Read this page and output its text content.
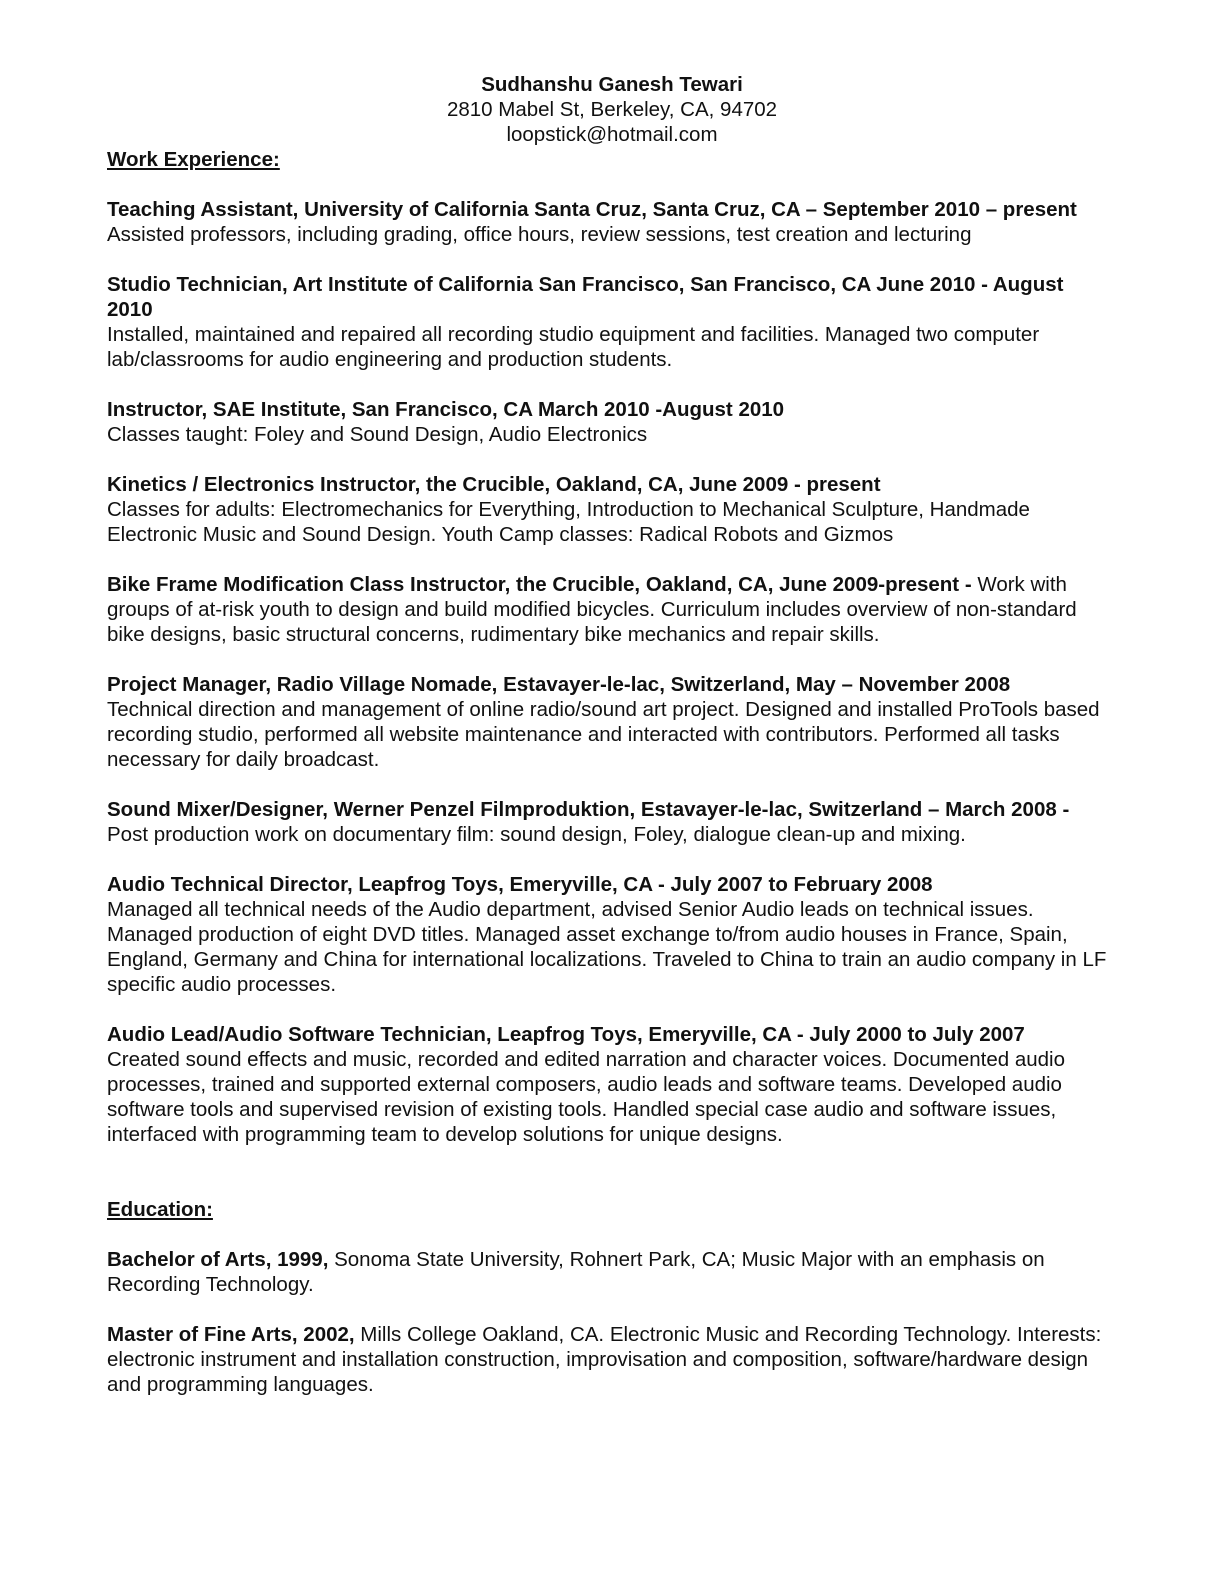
Sudhanshu Ganesh Tewari
2810 Mabel St, Berkeley, CA, 94702
loopstick@hotmail.com

Work Experience:

Teaching Assistant, University of California Santa Cruz, Santa Cruz, CA – September 2010 – present

Assisted professors, including grading, office hours, review sessions, test creation and lecturing

Studio Technician, Art Institute of California San Francisco, San Francisco, CA June 2010 - August 2010

Installed, maintained and repaired all recording studio equipment and facilities. Managed two computer lab/classrooms for audio engineering and production students.

Instructor, SAE Institute, San Francisco, CA March 2010 -August 2010

Classes taught: Foley and Sound Design, Audio Electronics

Kinetics / Electronics Instructor, the Crucible, Oakland, CA, June 2009 - present

Classes for adults: Electromechanics for Everything, Introduction to Mechanical Sculpture, Handmade Electronic Music and Sound Design. Youth Camp classes: Radical Robots and Gizmos

Bike Frame Modification Class Instructor, the Crucible, Oakland, CA, June 2009-present - Work with groups of at-risk youth to design and build modified bicycles. Curriculum includes overview of non-standard bike designs, basic structural concerns, rudimentary bike mechanics and repair skills.

Project Manager, Radio Village Nomade, Estavayer-le-lac, Switzerland, May – November 2008

Technical direction and management of online radio/sound art project. Designed and installed ProTools based recording studio, performed all website maintenance and interacted with contributors. Performed all tasks necessary for daily broadcast.

Sound Mixer/Designer, Werner Penzel Filmproduktion, Estavayer-le-lac, Switzerland – March 2008 - Post production work on documentary film: sound design, Foley, dialogue clean-up and mixing.

Audio Technical Director, Leapfrog Toys, Emeryville, CA - July 2007 to February 2008

Managed all technical needs of the Audio department, advised Senior Audio leads on technical issues. Managed production of eight DVD titles. Managed asset exchange to/from audio houses in France, Spain, England, Germany and China for international localizations. Traveled to China to train an audio company in LF specific audio processes.

Audio Lead/Audio Software Technician, Leapfrog Toys, Emeryville, CA - July 2000 to July 2007

Created sound effects and music, recorded and edited narration and character voices. Documented audio processes, trained and supported external composers, audio leads and software teams. Developed audio software tools and supervised revision of existing tools. Handled special case audio and software issues, interfaced with programming team to develop solutions for unique designs.

Education:

Bachelor of Arts, 1999, Sonoma State University, Rohnert Park, CA; Music Major with an emphasis on Recording Technology.

Master of Fine Arts, 2002, Mills College Oakland, CA. Electronic Music and Recording Technology. Interests: electronic instrument and installation construction, improvisation and composition, software/hardware design and programming languages.
